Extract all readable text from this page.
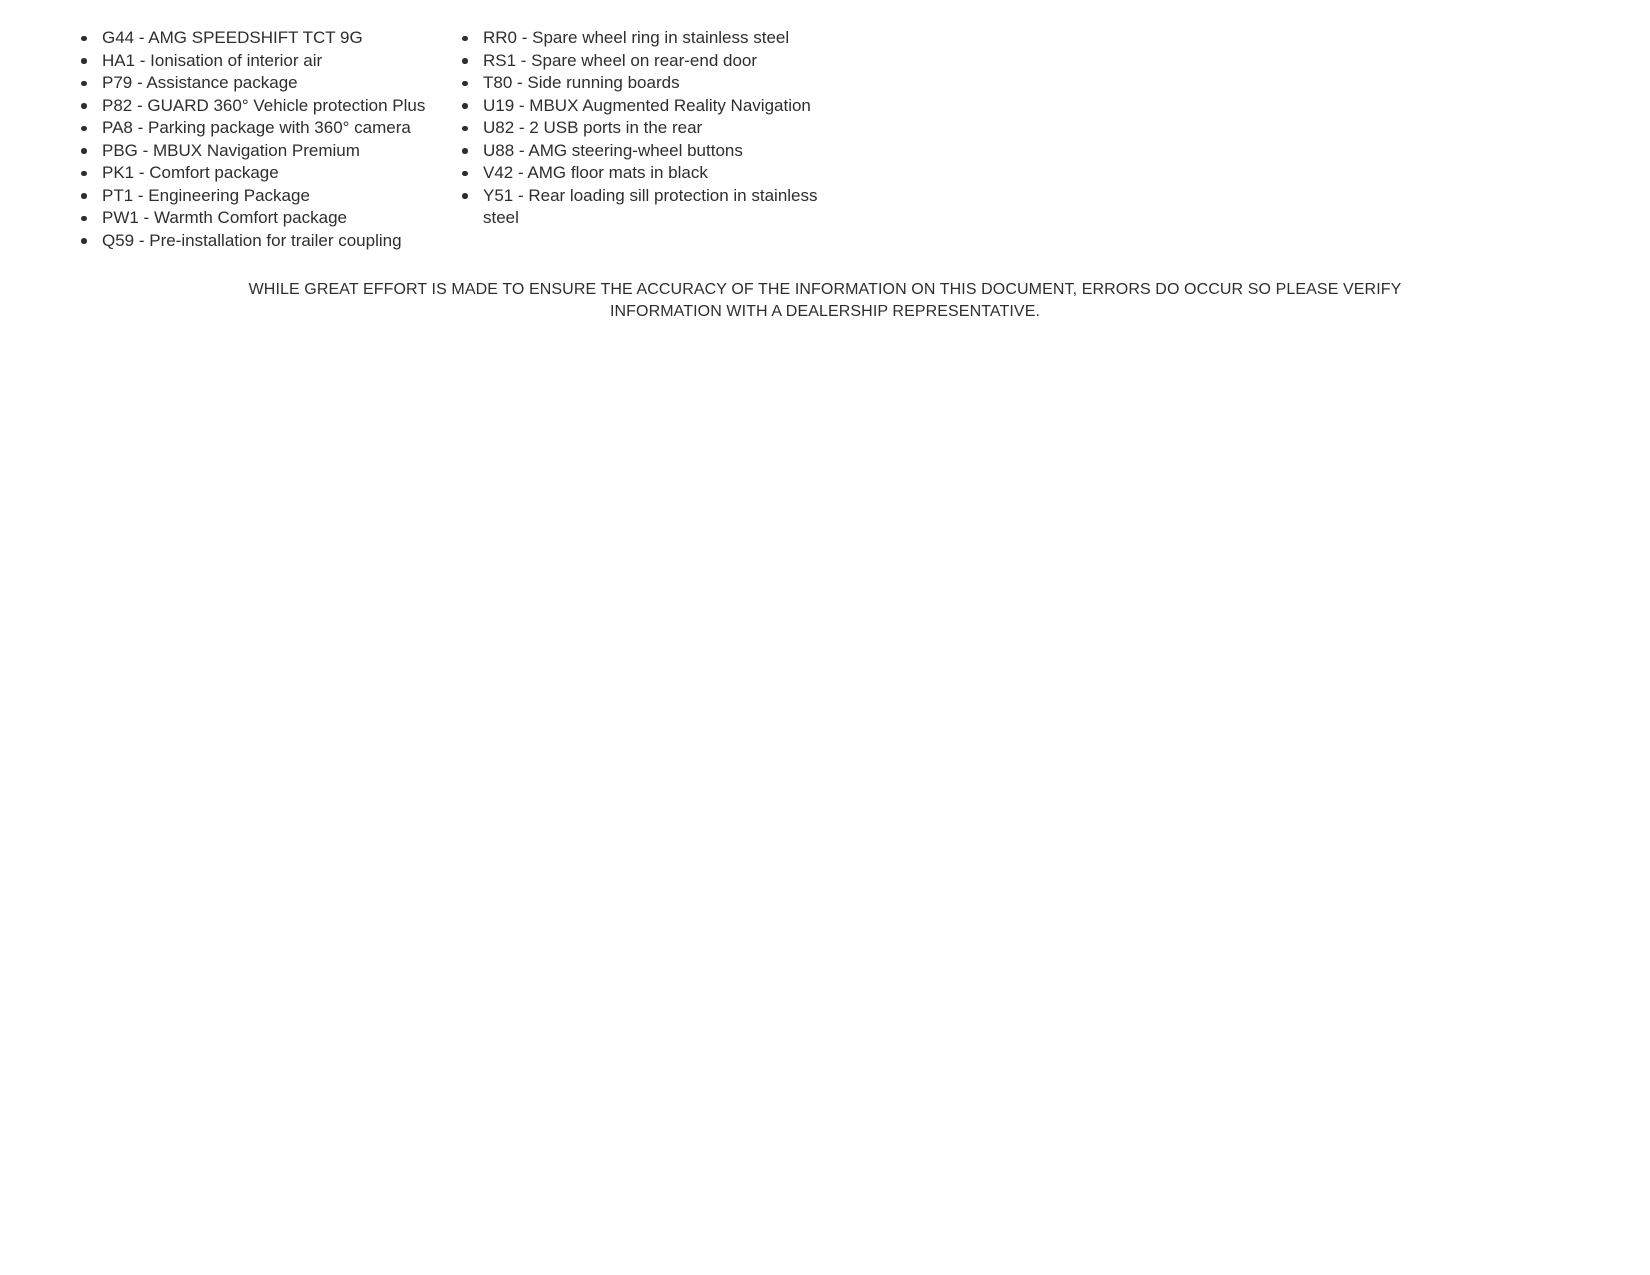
G44 - AMG SPEEDSHIFT TCT 9G
HA1 - Ionisation of interior air
P79 - Assistance package
P82 - GUARD 360° Vehicle protection Plus
PA8 - Parking package with 360° camera
PBG - MBUX Navigation Premium
PK1 - Comfort package
PT1 - Engineering Package
PW1 - Warmth Comfort package
Q59 - Pre-installation for trailer coupling
RR0 - Spare wheel ring in stainless steel
RS1 - Spare wheel on rear-end door
T80 - Side running boards
U19 - MBUX Augmented Reality Navigation
U82 - 2 USB ports in the rear
U88 - AMG steering-wheel buttons
V42 - AMG floor mats in black
Y51 - Rear loading sill protection in stainless steel

WHILE GREAT EFFORT IS MADE TO ENSURE THE ACCURACY OF THE INFORMATION ON THIS DOCUMENT, ERRORS DO OCCUR SO PLEASE VERIFY INFORMATION WITH A DEALERSHIP REPRESENTATIVE.
